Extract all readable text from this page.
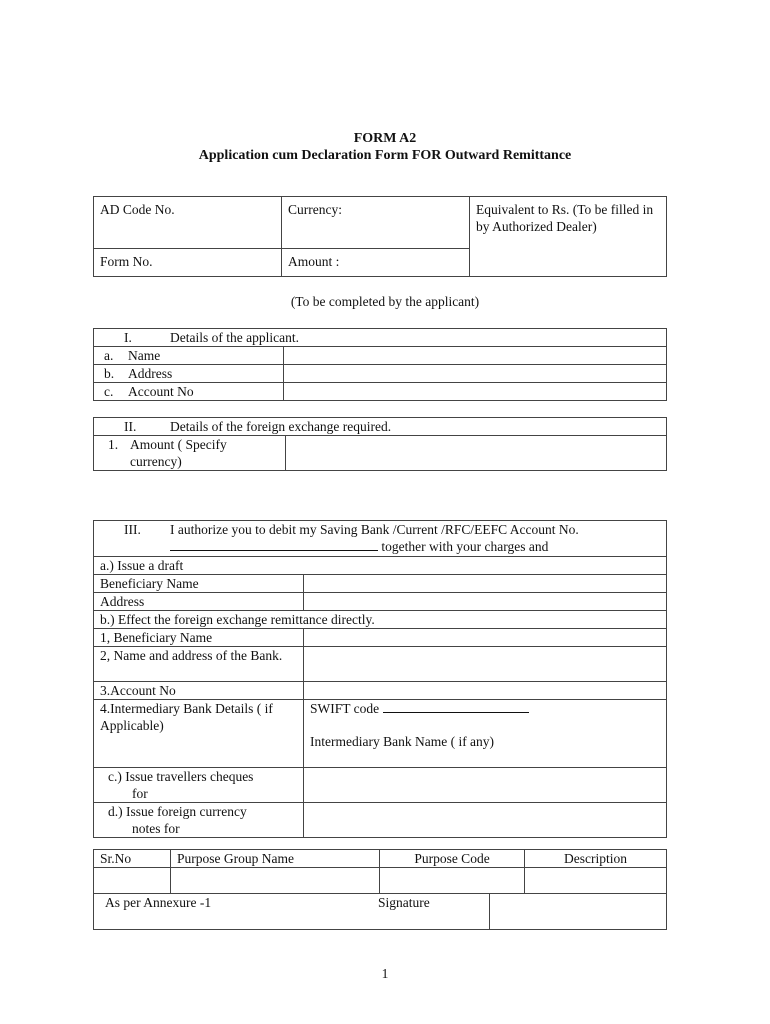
FORM A2
Application cum Declaration Form FOR Outward Remittance
AD Code No.	Currency:	Equivalent to Rs. (To be filled in by Authorized Dealer)
Form No.	Amount :	
(To be completed by the applicant)
I. Details of the applicant.	
a. Name	
b. Address	
c. Account No	
II. Details of the foreign exchange required.

1. Amount ( Specify
currency)

III. I authorize you to debit my Saving Bank /Current /RFC/EEFC Account No.
together with your charges and	

a.) Issue a draft	
Beneficiary Name	
Address	
b.) Effect the foreign exchange remittance directly.	
1, Beneficiary Name	
2, Name and address of the Bank.	
3.Account No	
4.Intermediary Bank Details ( if Applicable)	SWIFT code
Intermediary Bank Name ( if any)

c.) Issue travellers cheques
for	

d.) Issue foreign currency
notes for	

Sr.No	Purpose Group Name	Purpose Code	Description

As per Annexure -1	Signature
1
